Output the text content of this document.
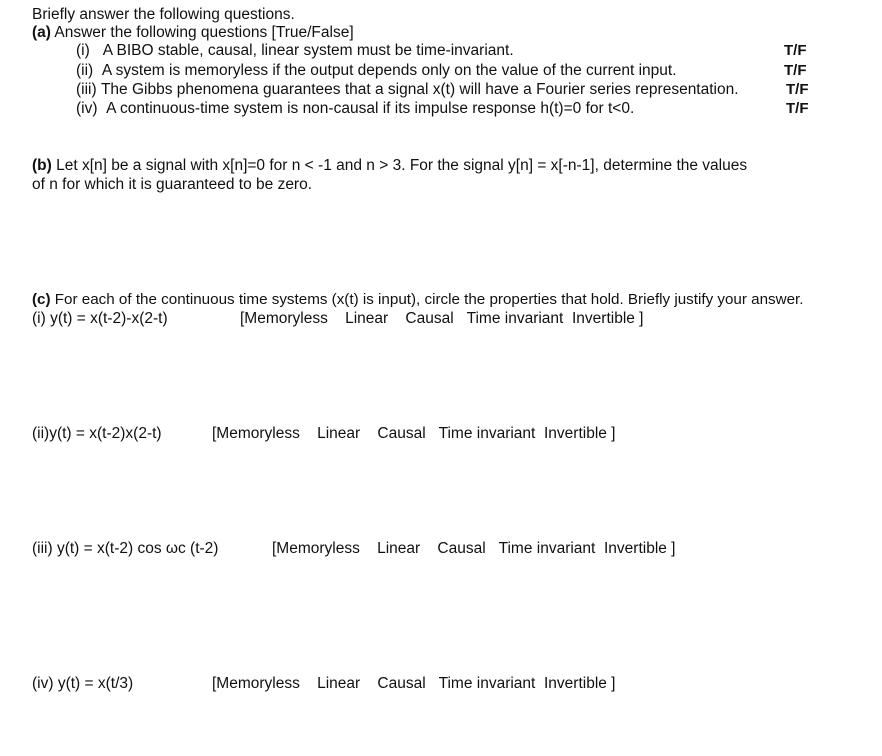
Briefly answer the following questions.
(a) Answer the following questions [True/False]
(i) A BIBO stable, causal, linear system must be time-invariant.	T/F
(ii) A system is memoryless if the output depends only on the value of the current input.	T/F
(iii) The Gibbs phenomena guarantees that a signal x(t) will have a Fourier series representation.	T/F
(iv) A continuous-time system is non-causal if its impulse response h(t)=0 for t<0.	T/F
(b) Let x[n] be a signal with x[n]=0 for n < -1 and n > 3. For the signal y[n] = x[-n-1], determine the values
of n for which it is guaranteed to be zero.
(c) For each of the continuous time systems (x(t) is input), circle the properties that hold. Briefly justify your answer.
(i) y(t) = x(t-2)-x(2-t)	[Memoryless Linear Causal Time invariant Invertible ]
(ii)y(t) = x(t-2)x(2-t)	[Memoryless Linear Causal Time invariant Invertible ]
(iii) y(t) = x(t-2) cos ωc (t-2)	[Memoryless Linear Causal Time invariant Invertible ]
(iv) y(t) = x(t/3)	[Memoryless Linear Causal Time invariant Invertible ]
